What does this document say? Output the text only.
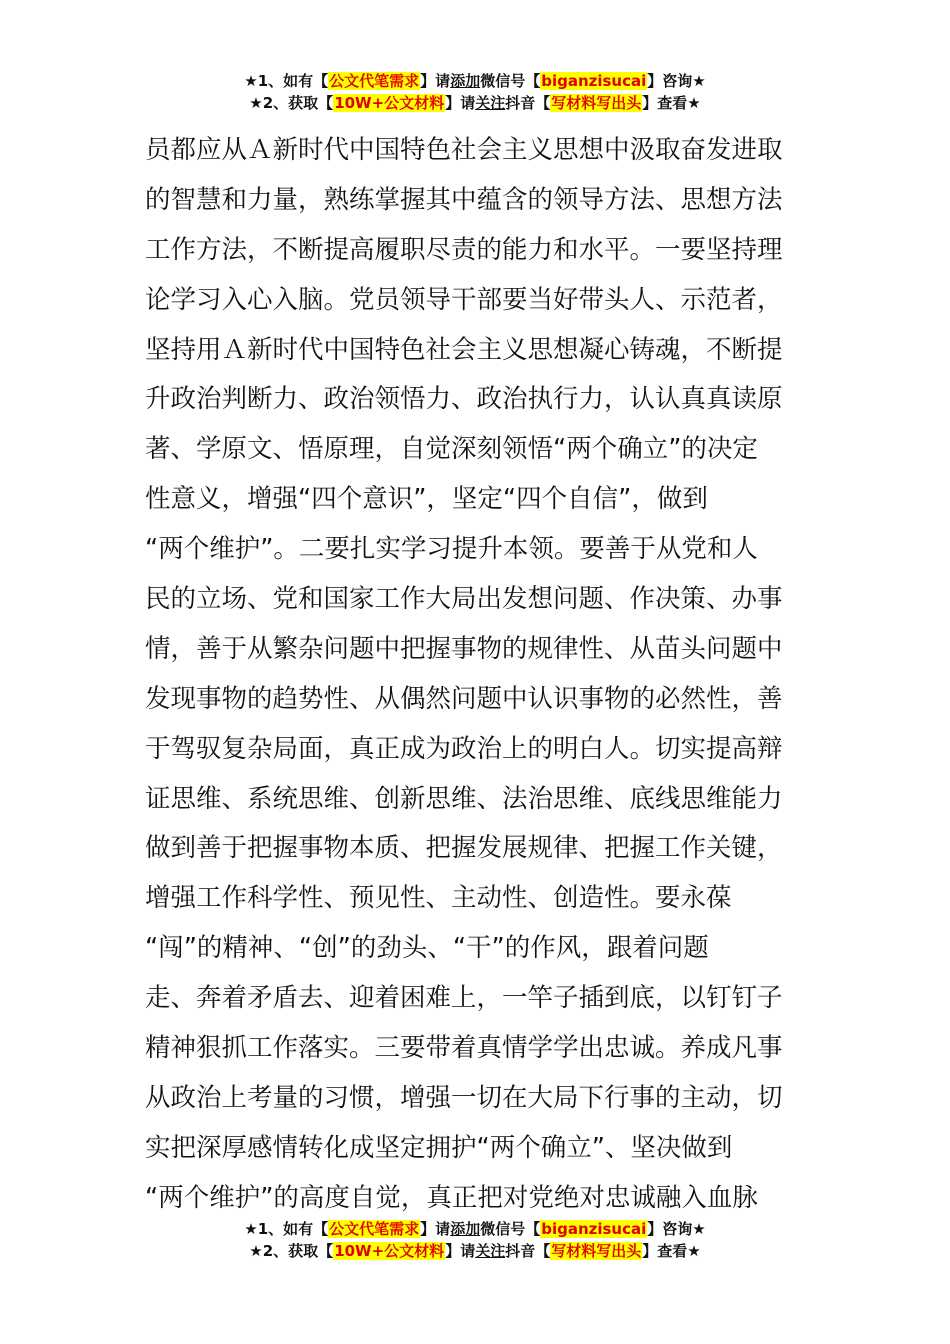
★1、如有【公文代笔需求】请添加微信号【biganzisucai】咨询★
★2、获取【10W+公文材料】请关注抖音【写材料写出头】查看★
员都应从Ａ新时代中国特色社会主义思想中汲取奋发进取
的智慧和力量，熟练掌握其中蕴含的领导方法、思想方法
工作方法，不断提高履职尽责的能力和水平。一要坚持理
论学习入心入脑。党员领导干部要当好带头人、示范者，
坚持用Ａ新时代中国特色社会主义思想凝心铸魂，不断提
升政治判断力、政治领悟力、政治执行力，认认真真读原
著、学原文、悟原理，自觉深刻领悟“两个确立”的决定
性意义，增强“四个意识”，坚定“四个自信”，做到
“两个维护”。二要扎实学习提升本领。要善于从党和人
民的立场、党和国家工作大局出发想问题、作决策、办事
情，善于从繁杂问题中把握事物的规律性、从苗头问题中
发现事物的趋势性、从偶然问题中认识事物的必然性，善
于驾驭复杂局面，真正成为政治上的明白人。切实提高辩
证思维、系统思维、创新思维、法治思维、底线思维能力
做到善于把握事物本质、把握发展规律、把握工作关键，
增强工作科学性、预见性、主动性、创造性。要永葆
“闯”的精神、“创”的劲头、“干”的作风，跟着问题
走、奔着矛盾去、迎着困难上，一竿子插到底，以钉钉子
精神狠抓工作落实。三要带着真情学学出忠诚。养成凡事
从政治上考量的习惯，增强一切在大局下行事的主动，切
实把深厚感情转化成坚定拥护“两个确立”、坚决做到
“两个维护”的高度自觉，真正把对党绝对忠诚融入血脉
★1、如有【公文代笔需求】请添加微信号【biganzisucai】咨询★
★2、获取【10W+公文材料】请关注抖音【写材料写出头】查看★
